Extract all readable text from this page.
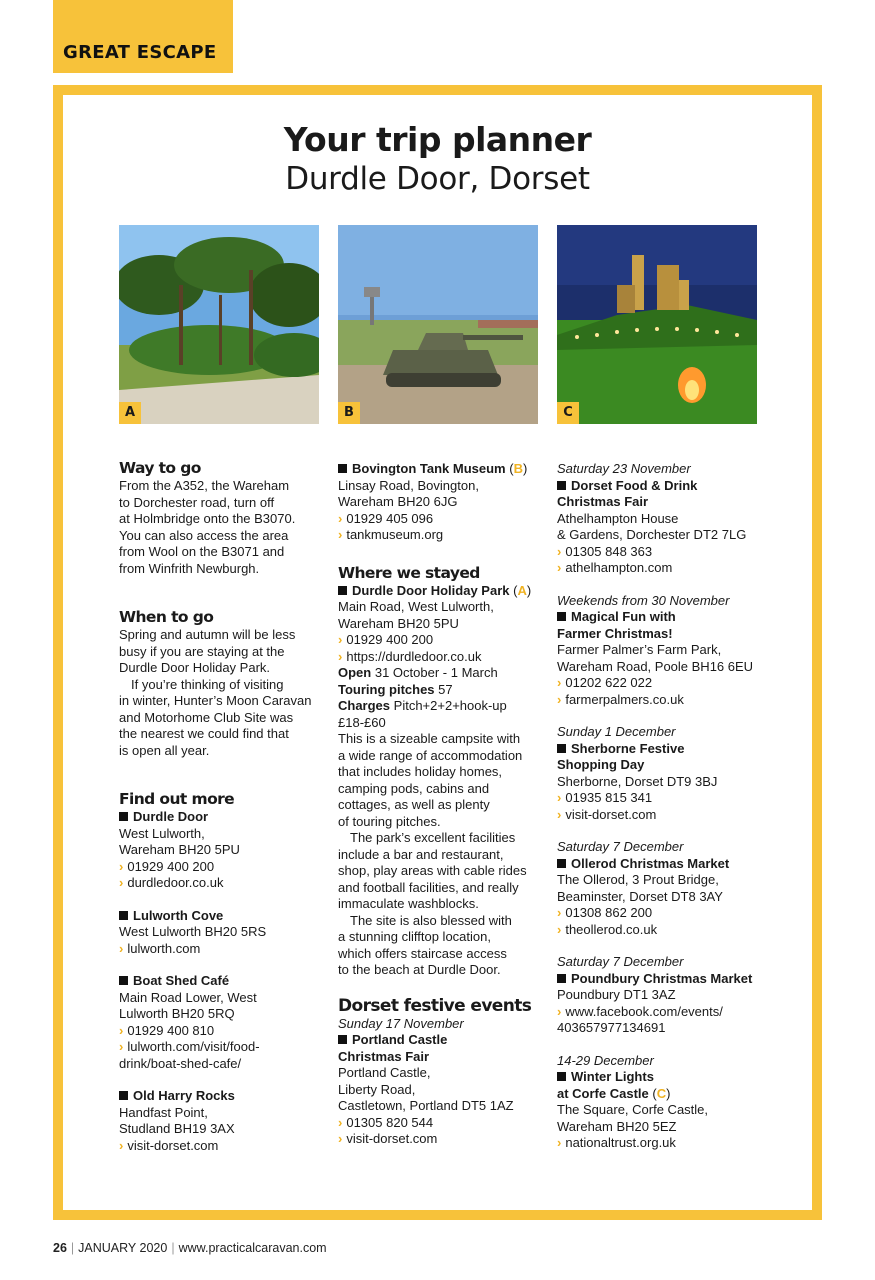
GREAT ESCAPE
Your trip planner
Durdle Door, Dorset
A	B	C
Way to go
From the A352, the Wareham
to Dorchester road, turn off
at Holmbridge onto the B3070.
You can also access the area
from Wool on the B3071 and
from Winfrith Newburgh.
When to go
Spring and autumn will be less
busy if you are staying at the
Durdle Door Holiday Park.
If you’re thinking of visiting
in winter, Hunter’s Moon Caravan
and Motorhome Club Site was
the nearest we could find that
is open all year.
Find out more
Durdle Door
West Lulworth,
Wareham BH20 5PU
› 01929 400 200
› durdledoor.co.uk
Lulworth Cove
West Lulworth BH20 5RS
› lulworth.com
Boat Shed Café
Main Road Lower, West
Lulworth BH20 5RQ
› 01929 400 810
› lulworth.com/visit/food-
drink/boat-shed-cafe/
Old Harry Rocks
Handfast Point,
Studland BH19 3AX
› visit-dorset.com
Bovington Tank Museum (B)
Linsay Road, Bovington,
Wareham BH20 6JG
› 01929 405 096
› tankmuseum.org
Where we stayed
Durdle Door Holiday Park (A)
Main Road, West Lulworth,
Wareham BH20 5PU
› 01929 400 200
› https://durdledoor.co.uk
Open 31 October - 1 March
Touring pitches 57
Charges Pitch+2+2+hook-up
£18-£60
This is a sizeable campsite with
a wide range of accommodation
that includes holiday homes,
camping pods, cabins and
cottages, as well as plenty
of touring pitches.
The park’s excellent facilities
include a bar and restaurant,
shop, play areas with cable rides
and football facilities, and really
immaculate washblocks.
The site is also blessed with
a stunning clifftop location,
which offers staircase access
to the beach at Durdle Door.
Dorset festive events
Sunday 17 November
Portland Castle
Christmas Fair
Portland Castle,
Liberty Road,
Castletown, Portland DT5 1AZ
› 01305 820 544
› visit-dorset.com
Saturday 23 November
Dorset Food & Drink
Christmas Fair
Athelhampton House
& Gardens, Dorchester DT2 7LG
› 01305 848 363
› athelhampton.com
Weekends from 30 November
Magical Fun with
Farmer Christmas!
Farmer Palmer’s Farm Park,
Wareham Road, Poole BH16 6EU
› 01202 622 022
› farmerpalmers.co.uk
Sunday 1 December
Sherborne Festive
Shopping Day
Sherborne, Dorset DT9 3BJ
› 01935 815 341
› visit-dorset.com
Saturday 7 December
Ollerod Christmas Market
The Ollerod, 3 Prout Bridge,
Beaminster, Dorset DT8 3AY
› 01308 862 200
› theollerod.co.uk
Saturday 7 December
Poundbury Christmas Market
Poundbury DT1 3AZ
› www.facebook.com/events/
403657977134691
14-29 December
Winter Lights
at Corfe Castle (C)
The Square, Corfe Castle,
Wareham BH20 5EZ
› nationaltrust.org.uk
26 | JANUARY 2020 | www.practicalcaravan.com
